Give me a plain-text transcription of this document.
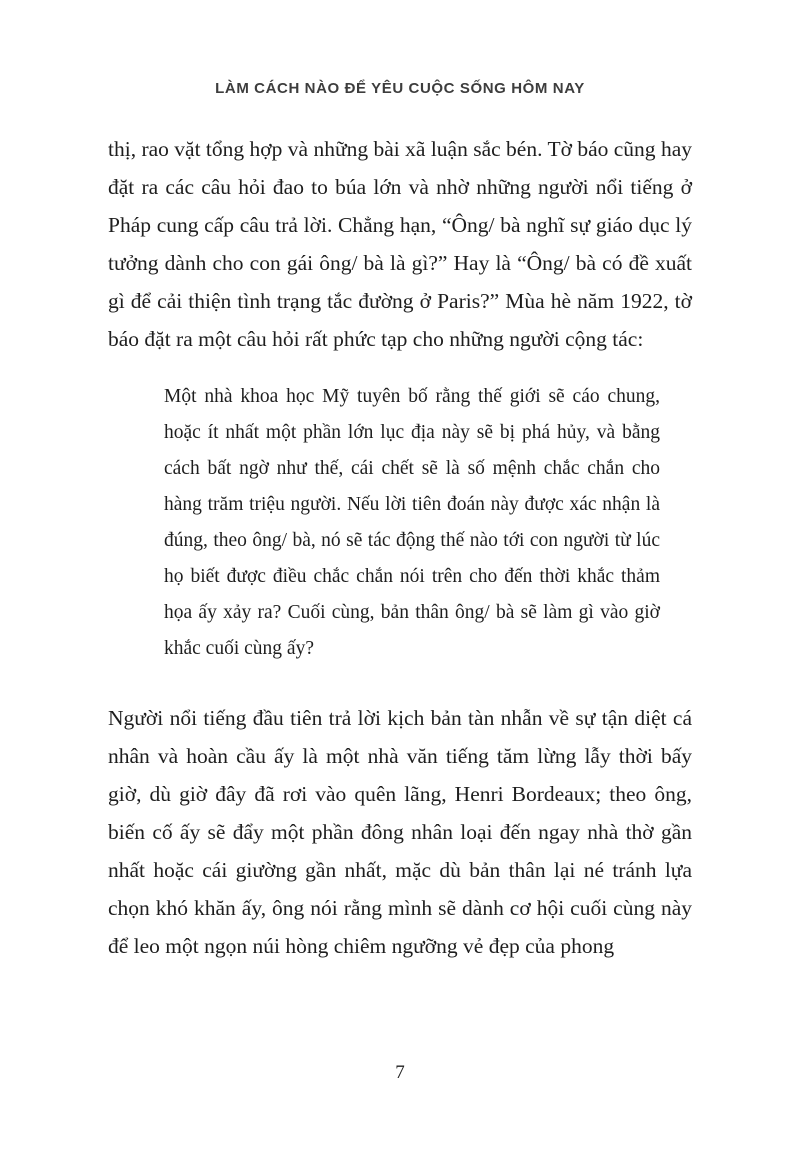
LÀM CÁCH NÀO ĐỂ YÊU CUỘC SỐNG HÔM NAY

thị, rao vặt tổng hợp và những bài xã luận sắc bén. Tờ báo cũng hay đặt ra các câu hỏi đao to búa lớn và nhờ những người nổi tiếng ở Pháp cung cấp câu trả lời. Chẳng hạn, “Ông/ bà nghĩ sự giáo dục lý tưởng dành cho con gái ông/ bà là gì?” Hay là “Ông/ bà có đề xuất gì để cải thiện tình trạng tắc đường ở Paris?” Mùa hè năm 1922, tờ báo đặt ra một câu hỏi rất phức tạp cho những người cộng tác:

Một nhà khoa học Mỹ tuyên bố rằng thế giới sẽ cáo chung, hoặc ít nhất một phần lớn lục địa này sẽ bị phá hủy, và bằng cách bất ngờ như thế, cái chết sẽ là số mệnh chắc chắn cho hàng trăm triệu người. Nếu lời tiên đoán này được xác nhận là đúng, theo ông/ bà, nó sẽ tác động thế nào tới con người từ lúc họ biết được điều chắc chắn nói trên cho đến thời khắc thảm họa ấy xảy ra? Cuối cùng, bản thân ông/ bà sẽ làm gì vào giờ khắc cuối cùng ấy?

Người nổi tiếng đầu tiên trả lời kịch bản tàn nhẫn về sự tận diệt cá nhân và hoàn cầu ấy là một nhà văn tiếng tăm lừng lẫy thời bấy giờ, dù giờ đây đã rơi vào quên lãng, Henri Bordeaux; theo ông, biến cố ấy sẽ đẩy một phần đông nhân loại đến ngay nhà thờ gần nhất hoặc cái giường gần nhất, mặc dù bản thân lại né tránh lựa chọn khó khăn ấy, ông nói rằng mình sẽ dành cơ hội cuối cùng này để leo một ngọn núi hòng chiêm ngưỡng vẻ đẹp của phong

7
